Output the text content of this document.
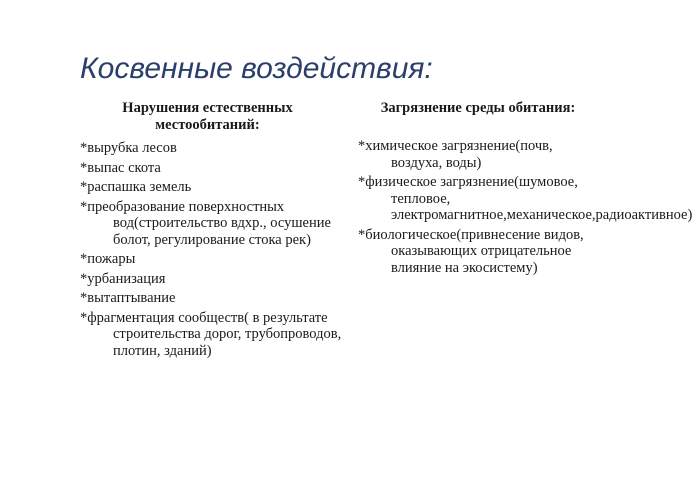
Косвенные воздействия:
Нарушения естественных местообитаний:
*вырубка лесов
*выпас скота
*распашка земель
*преобразование поверхностных вод(строительство вдхр., осушение болот, регулирование стока рек)
*пожары
*урбанизация
*вытаптывание
*фрагментация сообществ( в результате строительства дорог, трубопроводов, плотин, зданий)
Загрязнение среды обитания:
*химическое загрязнение(почв, воздуха, воды)
*физическое загрязнение(шумовое, тепловое, электромагнитное,механическое,радиоактивное)
*биологическое(привнесение видов, оказывающих отрицательное влияние на экосистему)
